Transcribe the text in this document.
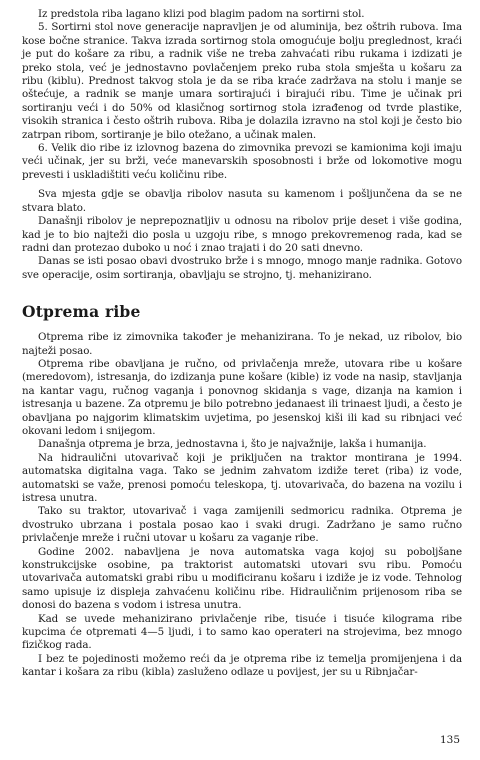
Iz predstola riba lagano klizi pod blagim padom na sortirni stol.

5. Sortirni stol nove generacije napravljen je od aluminija, bez oštrih rubova. Ima kose bočne stranice. Takva izrada sortirnog stola omogućuje bolju preglednost, kraći je put do košare za ribu, a radnik više ne treba zahvaćati ribu rukama i izdizati je preko stola, već je jednostavno povlačenjem preko ruba stola smješta u košaru za ribu (kiblu). Prednost takvog stola je da se riba kraće zadržava na stolu i manje se oštećuje, a radnik se manje umara sortirajući i birajući ribu. Time je učinak pri sortiranju veći i do 50% od klasičnog sortirnog stola izrađenog od tvrde plastike, visokih stranica i često oštrih rubova. Riba je dolazila izravno na stol koji je često bio zatrpan ribom, sortiranje je bilo otežano, a učinak malen.

6. Velik dio ribe iz izlovnog bazena do zimovnika prevozi se kamionima koji imaju veći učinak, jer su brži, veće manevarskih sposobnosti i brže od lokomotive mogu prevesti i uskladištiti veću količinu ribe.

Sva mjesta gdje se obavlja ribolov nasuta su kamenom i pošljunčena da se ne stvara blato.

Današnji ribolov je neprepoznatljiv u odnosu na ribolov prije deset i više godina, kad je to bio najteži dio posla u uzgoju ribe, s mnogo prekovremenog rada, kad se radni dan protezao duboko u noć i znao trajati i do 20 sati dnevno.

Danas se isti posao obavi dvostruko brže i s mnogo, mnogo manje radnika. Gotovo sve operacije, osim sortiranja, obavljaju se strojno, tj. mehanizirano.

Otprema ribe

Otprema ribe iz zimovnika također je mehanizirana. To je nekad, uz ribolov, bio najteži posao.

Otprema ribe obavljana je ručno, od privlačenja mreže, utovara ribe u košare (meredovom), istresanja, do izdizanja pune košare (kible) iz vode na nasip, stavljanja na kantar vagu, ručnog vaganja i ponovnog skidanja s vage, dizanja na kamion i istresanja u bazene. Za otpremu je bilo potrebno jedanaest ili trinaest ljudi, a često je obavljana po najgorim klimatskim uvjetima, po jesenskoj kiši ili kad su ribnjaci već okovani ledom i snijegom.

Današnja otprema je brza, jednostavna i, što je najvažnije, lakša i humanija.

Na hidraulični utovarivač koji je priključen na traktor montirana je 1994. automatska digitalna vaga. Tako se jednim zahvatom izdiže teret (riba) iz vode, automatski se važe, prenosi pomoću teleskopa, tj. utovarivača, do bazena na vozilu i istresa unutra.

Tako su traktor, utovarivač i vaga zamijenili sedmoricu radnika. Otprema je dvostruko ubrzana i postala posao kao i svaki drugi. Zadržano je samo ručno privlačenje mreže i ručni utovar u košaru za vaganje ribe.

Godine 2002. nabavljena je nova automatska vaga kojoj su poboljšane konstrukcijske osobine, pa traktorist automatski utovari svu ribu. Pomoću utovarivača automatski grabi ribu u modificiranu košaru i izdiže je iz vode. Tehnolog samo upisuje iz displeja zahvaćenu količinu ribe. Hidrauličnim prijenosom riba se donosi do bazena s vodom i istresa unutra.

Kad se uvede mehanizirano privlačenje ribe, tisuće i tisuće kilograma ribe kupcima će otpremati 4—5 ljudi, i to samo kao operateri na strojevima, bez mnogo fizičkog rada.

I bez te pojedinosti možemo reći da je otprema ribe iz temelja promijenjena i da kantar i košara za ribu (kibla) zasluženo odlaze u povijest, jer su u Ribnjačar-

135
